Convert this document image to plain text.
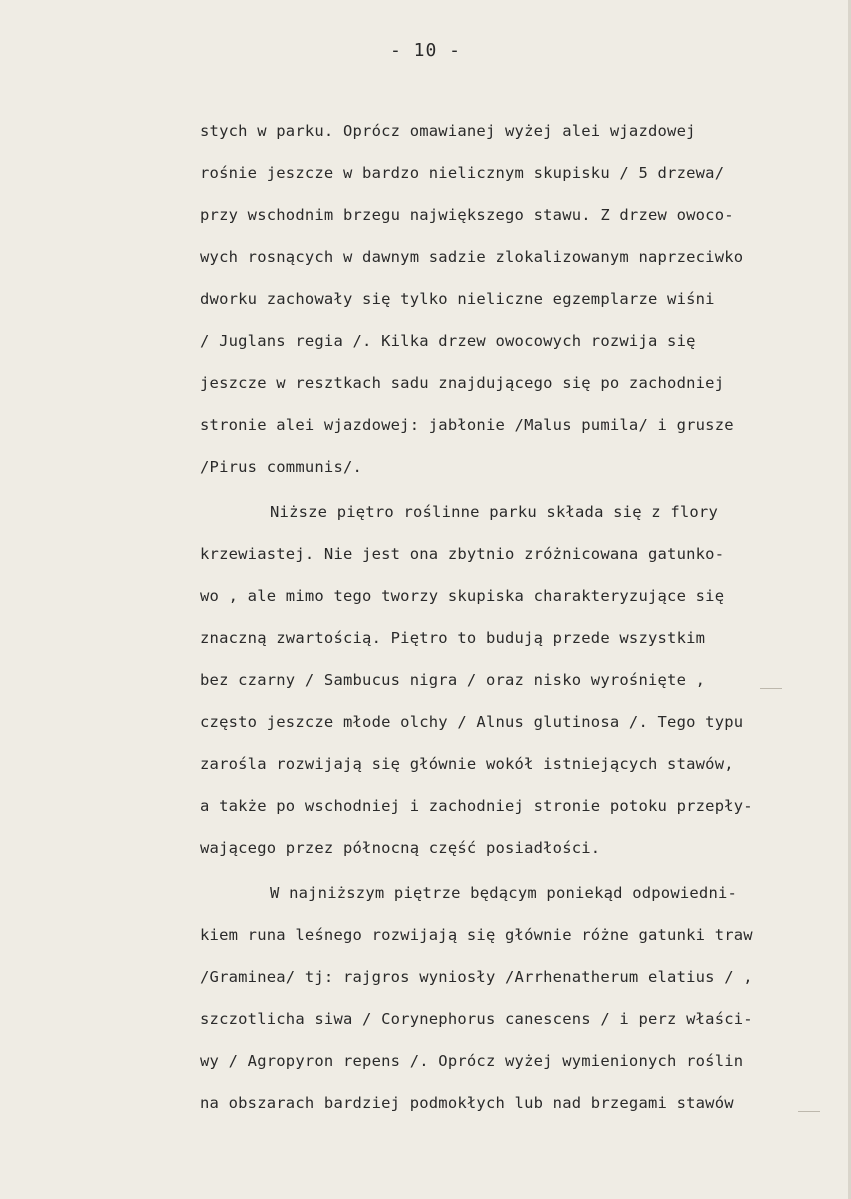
- 10 -
stych w parku. Oprócz omawianej wyżej alei wjazdowej
rośnie jeszcze w bardzo nielicznym skupisku / 5 drzewa/
przy wschodnim brzegu największego stawu. Z drzew owoco-
wych rosnących w dawnym sadzie zlokalizowanym naprzeciwko
dworku zachowały się tylko nieliczne egzemplarze wiśni
/ Juglans regia /. Kilka drzew owocowych rozwija się
jeszcze w resztkach sadu znajdującego się po zachodniej
stronie alei wjazdowej: jabłonie /Malus pumila/ i grusze
/Pirus communis/.
Niższe piętro roślinne parku składa się z flory
krzewiastej. Nie jest ona zbytnio zróżnicowana gatunko-
wo , ale mimo tego tworzy skupiska charakteryzujące się
znaczną zwartością. Piętro to budują przede wszystkim
bez czarny / Sambucus nigra / oraz nisko wyrośnięte ,
często jeszcze młode olchy / Alnus glutinosa /. Tego typu
zarośla rozwijają się głównie wokół istniejących stawów,
a także po wschodniej i zachodniej stronie potoku przepły-
wającego przez północną część posiadłości.
W najniższym piętrze będącym poniekąd odpowiedni-
kiem runa leśnego rozwijają się głównie różne gatunki traw
/Graminea/ tj: rajgros wyniosły /Arrhenatherum elatius / ,
szczotlicha siwa / Corynephorus canescens / i perz właści-
wy / Agropyron repens /. Oprócz wyżej wymienionych roślin
na obszarach bardziej podmokłych lub nad brzegami stawów
